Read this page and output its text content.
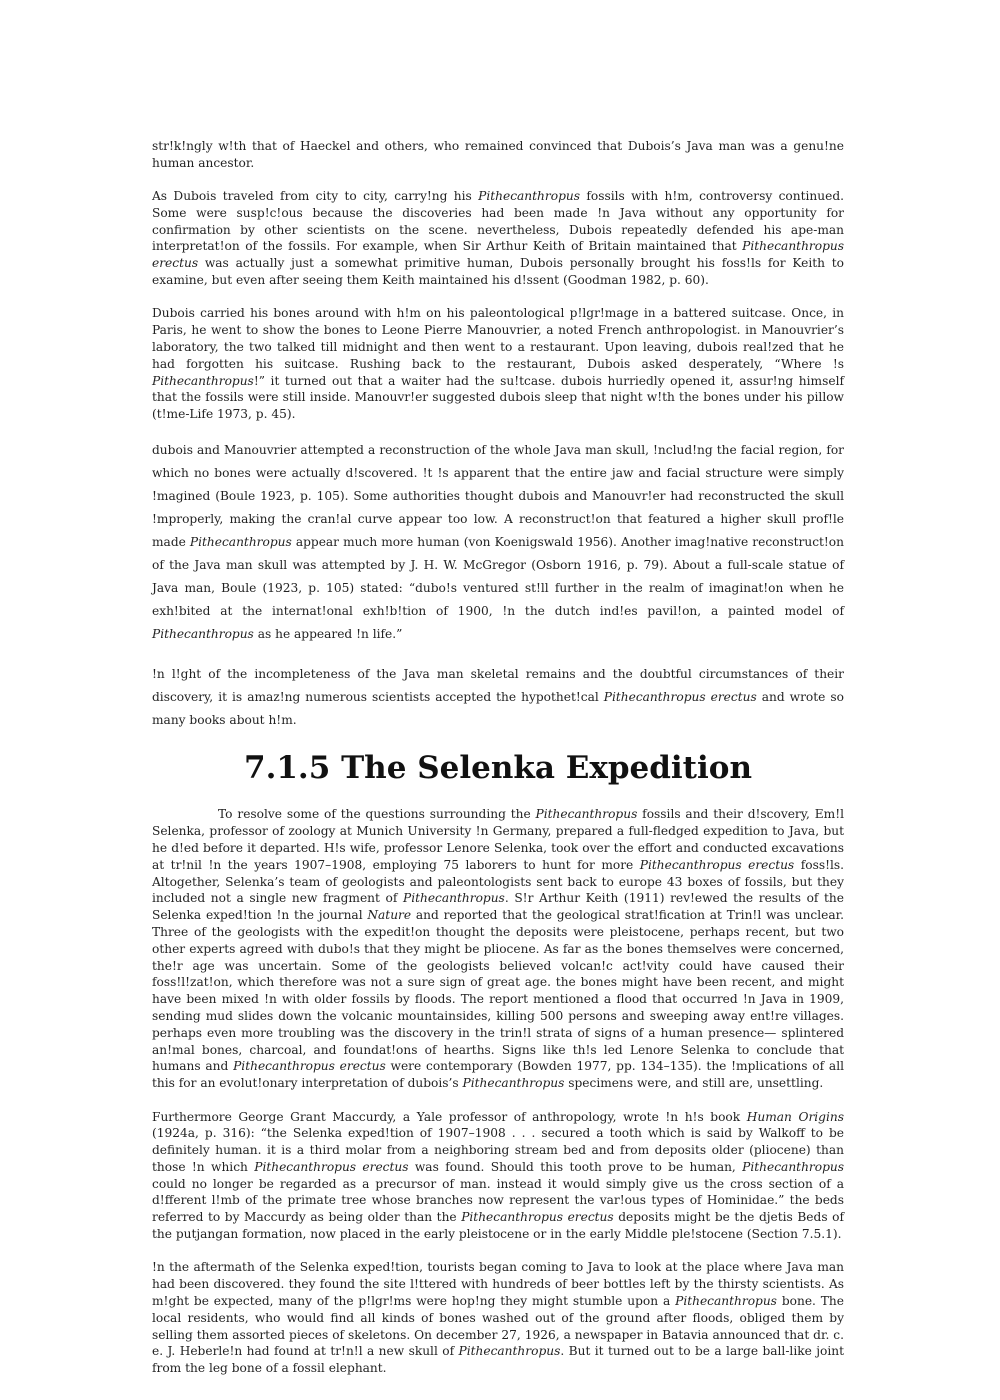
str!k!ngly w!th that of Haeckel and others, who remained convinced that Dubois’s Java man was a genu!ne human ancestor.

As Dubois traveled from city to city, carry!ng his Pithecanthropus fossils with h!m, controversy continued. Some were susp!c!ous because the discoveries had been made !n Java without any opportunity for confirmation by other scientists on the scene. nevertheless, Dubois repeatedly defended his ape-man interpretat!on of the fossils. For example, when Sir Arthur Keith of Britain maintained that Pithecanthropus erectus was actually just a somewhat primitive human, Dubois personally brought his foss!ls for Keith to examine, but even after seeing them Keith maintained his d!ssent (Goodman 1982, p. 60).

Dubois carried his bones around with h!m on his paleontological p!lgr!mage in a battered suitcase. Once, in Paris, he went to show the bones to Leone Pierre Manouvrier, a noted French anthropologist. in Manouvrier’s laboratory, the two talked till midnight and then went to a restaurant. Upon leaving, dubois real!zed that he had forgotten his suitcase. Rushing back to the restaurant, Dubois asked desperately, “Where !s Pithecanthropus!” it turned out that a waiter had the su!tcase. dubois hurriedly opened it, assur!ng himself that the fossils were still inside. Manouvr!er suggested dubois sleep that night w!th the bones under his pillow (t!me-Life 1973, p. 45).

dubois and Manouvrier attempted a reconstruction of the whole Java man skull, !nclud!ng the facial region, for which no bones were actually d!scovered. !t !s apparent that the entire jaw and facial structure were simply !magined (Boule 1923, p. 105). Some authorities thought dubois and Manouvr!er had reconstructed the skull !mproperly, making the cran!al curve appear too low. A reconstruct!on that featured a higher skull prof!le made Pithecanthropus appear much more human (von Koenigswald 1956). Another imag!native reconstruct!on of the Java man skull was attempted by J. H. W. McGregor (Osborn 1916, p. 79). About a full-scale statue of Java man, Boule (1923, p. 105) stated: “dubo!s ventured st!ll further in the realm of imaginat!on when he exh!bited at the internat!onal exh!b!tion of 1900, !n the dutch ind!es pavil!on, a painted model of Pithecanthropus as he appeared !n life.”

!n l!ght of the incompleteness of the Java man skeletal remains and the doubtful circumstances of their discovery, it is amaz!ng numerous scientists accepted the hypothet!cal Pithecanthropus erectus and wrote so many books about h!m.

7.1.5 The Selenka Expedition

To resolve some of the questions surrounding the Pithecanthropus fossils and their d!scovery, Em!l Selenka, professor of zoology at Munich University !n Germany, prepared a full-fledged expedition to Java, but he d!ed before it departed. H!s wife, professor Lenore Selenka, took over the effort and conducted excavations at tr!nil !n the years 1907–1908, employing 75 laborers to hunt for more Pithecanthropus erectus foss!ls. Altogether, Selenka’s team of geologists and paleontologists sent back to europe 43 boxes of fossils, but they included not a single new fragment of Pithecanthropus. S!r Arthur Keith (1911) rev!ewed the results of the Selenka exped!tion !n the journal Nature and reported that the geological strat!fication at Trin!l was unclear. Three of the geologists with the expedit!on thought the deposits were pleistocene, perhaps recent, but two other experts agreed with dubo!s that they might be pliocene. As far as the bones themselves were concerned, the!r age was uncertain. Some of the geologists believed volcan!c act!vity could have caused their foss!l!zat!on, which therefore was not a sure sign of great age. the bones might have been recent, and might have been mixed !n with older fossils by floods. The report mentioned a flood that occurred !n Java in 1909, sending mud slides down the volcanic mountainsides, killing 500 persons and sweeping away ent!re villages. perhaps even more troubling was the discovery in the trin!l strata of signs of a human presence— splintered an!mal bones, charcoal, and foundat!ons of hearths. Signs like th!s led Lenore Selenka to conclude that humans and Pithecanthropus erectus were contemporary (Bowden 1977, pp. 134–135). the !mplications of all this for an evolut!onary interpretation of dubois’s Pithecanthropus specimens were, and still are, unsettling.

Furthermore George Grant Maccurdy, a Yale professor of anthropology, wrote !n h!s book Human Origins (1924a, p. 316): “the Selenka exped!tion of 1907–1908 . . . secured a tooth which is said by Walkoff to be definitely human. it is a third molar from a neighboring stream bed and from deposits older (pliocene) than those !n which Pithecanthropus erectus was found. Should this tooth prove to be human, Pithecanthropus could no longer be regarded as a precursor of man. instead it would simply give us the cross section of a d!fferent l!mb of the primate tree whose branches now represent the var!ous types of Hominidae.” the beds referred to by Maccurdy as being older than the Pithecanthropus erectus deposits might be the djetis Beds of the putjangan formation, now placed in the early pleistocene or in the early Middle ple!stocene (Section 7.5.1).

!n the aftermath of the Selenka exped!tion, tourists began coming to Java to look at the place where Java man had been discovered. they found the site l!ttered with hundreds of beer bottles left by the thirsty scientists. As m!ght be expected, many of the p!lgr!ms were hop!ng they might stumble upon a Pithecanthropus bone. The local residents, who would find all kinds of bones washed out of the ground after floods, obliged them by selling them assorted pieces of skeletons. On december 27, 1926, a newspaper in Batavia announced that dr. c. e. J. Heberle!n had found at tr!n!l a new skull of Pithecanthropus. But it turned out to be a large ball-like joint from the leg bone of a fossil elephant.
